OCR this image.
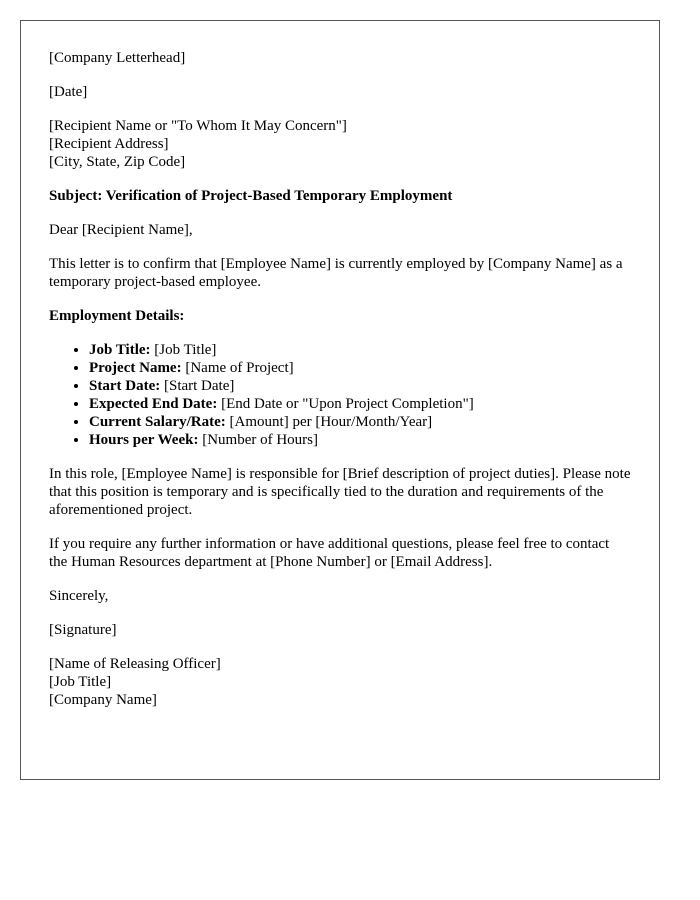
[Company Letterhead]

[Date]

[Recipient Name or "To Whom It May Concern"]
[Recipient Address]
[City, State, Zip Code]

Subject: Verification of Project-Based Temporary Employment

Dear [Recipient Name],

This letter is to confirm that [Employee Name] is currently employed by [Company Name] as a temporary project-based employee.

Employment Details:

• Job Title: [Job Title]
• Project Name: [Name of Project]
• Start Date: [Start Date]
• Expected End Date: [End Date or "Upon Project Completion"]
• Current Salary/Rate: [Amount] per [Hour/Month/Year]
• Hours per Week: [Number of Hours]

In this role, [Employee Name] is responsible for [Brief description of project duties]. Please note that this position is temporary and is specifically tied to the duration and requirements of the aforementioned project.

If you require any further information or have additional questions, please feel free to contact the Human Resources department at [Phone Number] or [Email Address].

Sincerely,

[Signature]

[Name of Releasing Officer]
[Job Title]
[Company Name]
